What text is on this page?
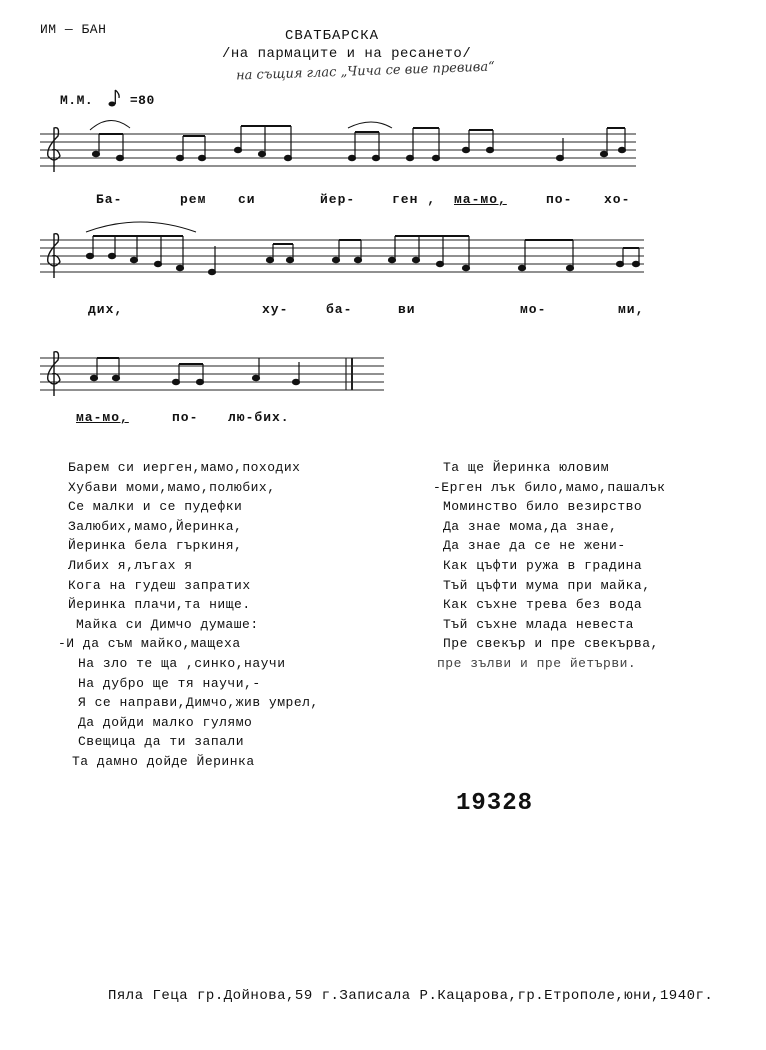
ИМ — БАН	СВАТБАРСКА
/на пармаците и на ресането/
на същия глас „Чича се вие превива“
М.М.	=80
Ба-	рем си	йер-	ген , ма-мо,	по- хо-
дих,	ху-	ба-	ви	мо-	ми,
ма-мо,	по- лю-бих.
Барем си иерген,мамо,походих
Хубави моми,мамо,полюбих,
Се малки и се пудефки
Залюбих,мамо,Йеринка,
Йеринка бела гъркиня,
Либих я,лъгах я
Кога на гудеш запратих
Йеринка плачи,та нище.
Майка си Димчо думаше:
-И да съм майко,мащеха
На зло те ща ,синко,научи
На дубро ще тя научи,-
Я се направи,Димчо,жив умрел,
Да дойди малко гулямо
Свещица да ти запали
Та дамно дойде Йеринка
Та ще Йеринка юловим
-Ерген лък било,мамо,пашалък
Моминство било везирство
Да знае мома,да знае,
Да знае да се не жени-
Как цъфти ружа в градина
Тъй цъфти мума при майка,
Как съхне трева без вода
Тъй съхне млада невеста
Пре свекър и пре свекърва,
пре зълви и пре йетърви.
19328
Пяла Геца гр.Дойнова,59 г.Записала Р.Кацарова,гр.Етрополе,юни,1940г.
